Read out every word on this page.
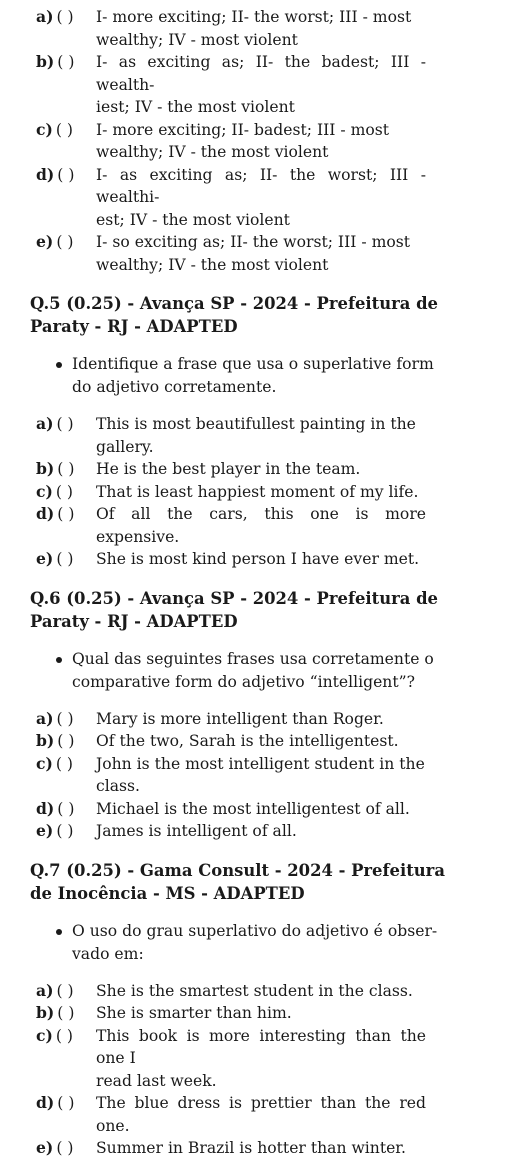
a) ( ) I- more exciting; II- the worst; III - most
wealthy; IV - most violent
b) ( ) I- as exciting as; II- the badest; III - wealth-
iest; IV - the most violent
c) ( ) I- more exciting; II- badest; III - most
wealthy; IV - the most violent
d) ( ) I- as exciting as; II- the worst; III - wealthi-
est; IV - the most violent
e) ( ) I- so exciting as; II- the worst; III - most
wealthy; IV - the most violent
Q.5 (0.25) - Avança SP - 2024 - Prefeitura de
Paraty - RJ - ADAPTED
Identifique a frase que usa o superlative form
do adjetivo corretamente.
a) ( ) This is most beautifullest painting in the
gallery.
b) ( ) He is the best player in the team.
c) ( ) That is least happiest moment of my life.
d) ( ) Of all the cars, this one is more expensive.
e) ( ) She is most kind person I have ever met.
Q.6 (0.25) - Avança SP - 2024 - Prefeitura de
Paraty - RJ - ADAPTED
Qual das seguintes frases usa corretamente o
comparative form do adjetivo “intelligent”?
a) ( ) Mary is more intelligent than Roger.
b) ( ) Of the two, Sarah is the intelligentest.
c) ( ) John is the most intelligent student in the
class.
d) ( ) Michael is the most intelligentest of all.
e) ( ) James is intelligent of all.
Q.7 (0.25) - Gama Consult - 2024 - Prefeitura
de Inocência - MS - ADAPTED
O uso do grau superlativo do adjetivo é obser-
vado em:
a) ( ) She is the smartest student in the class.
b) ( ) She is smarter than him.
c) ( ) This book is more interesting than the one I
read last week.
d) ( ) The blue dress is prettier than the red one.
e) ( ) Summer in Brazil is hotter than winter.
